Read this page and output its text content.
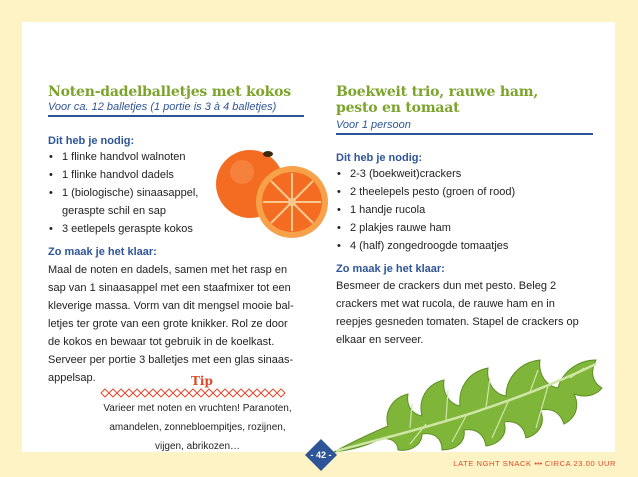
Noten-dadelballetjes met kokos
Voor ca. 12 balletjes (1 portie is 3 à 4 balletjes)
Dit heb je nodig:
• 1 flinke handvol walnoten
• 1 flinke handvol dadels
• 1 (biologische) sinaasappel,
geraspte schil en sap
• 3 eetlepels geraspte kokos
Zo maak je het klaar:
Maal de noten en dadels, samen met het rasp en
sap van 1 sinaasappel met een staafmixer tot een
kleverige massa. Vorm van dit mengsel mooie bal-
letjes ter grote van een grote knikker. Rol ze door
de kokos en bewaar tot gebruik in de koelkast.
Serveer per portie 3 balletjes met een glas sinaas-
appelsap.	Tip
Varieer met noten en vruchten! Paranoten,
amandelen, zonnebloempitjes, rozijnen,
vijgen, abrikozen…
Boekweit trio, rauwe ham,
pesto en tomaat
Voor 1 persoon
Dit heb je nodig:
• 2-3 (boekweit)crackers
• 2 theelepels pesto (groen of rood)
• 1 handje rucola
• 2 plakjes rauwe ham
• 4 (half) zongedroogde tomaatjes
Zo maak je het klaar:
Besmeer de crackers dun met pesto. Beleg 2
crackers met wat rucola, de rauwe ham en in
reepjes gesneden tomaten. Stapel de crackers op
elkaar en serveer.
- 42 -
LATE NGHT SNACK ••• CIRCA 23.00 UUR
